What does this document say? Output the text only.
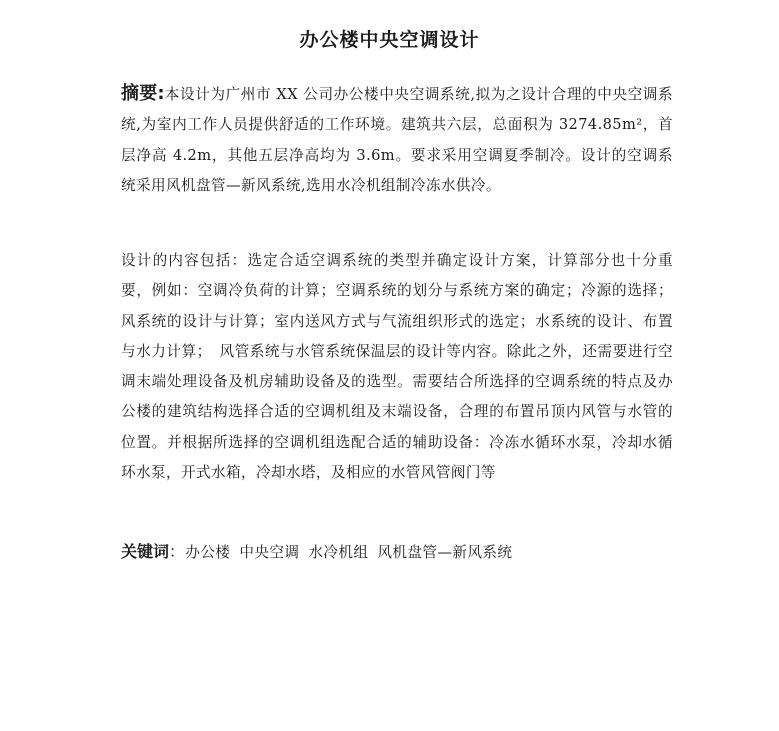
办公楼中央空调设计

摘要:本设计为广州市 XX 公司办公楼中央空调系统,拟为之设计合理的中央空调系统,为室内工作人员提供舒适的工作环境。建筑共六层，总面积为 3274.85m²，首层净高 4.2m，其他五层净高均为 3.6m。要求采用空调夏季制冷。设计的空调系统采用风机盘管—新风系统,选用水冷机组制冷冻水供冷。

设计的内容包括：选定合适空调系统的类型并确定设计方案，计算部分也十分重要，例如：空调冷负荷的计算；空调系统的划分与系统方案的确定；冷源的选择；风系统的设计与计算；室内送风方式与气流组织形式的选定；水系统的设计、布置与水力计算；　风管系统与水管系统保温层的设计等内容。除此之外，还需要进行空调末端处理设备及机房辅助设备及的选型。需要结合所选择的空调系统的特点及办公楼的建筑结构选择合适的空调机组及末端设备，合理的布置吊顶内风管与水管的位置。并根据所选择的空调机组选配合适的辅助设备：冷冻水循环水泵，冷却水循环水泵，开式水箱，冷却水塔，及相应的水管风管阀门等

关键词：办公楼 中央空调 水冷机组 风机盘管—新风系统
